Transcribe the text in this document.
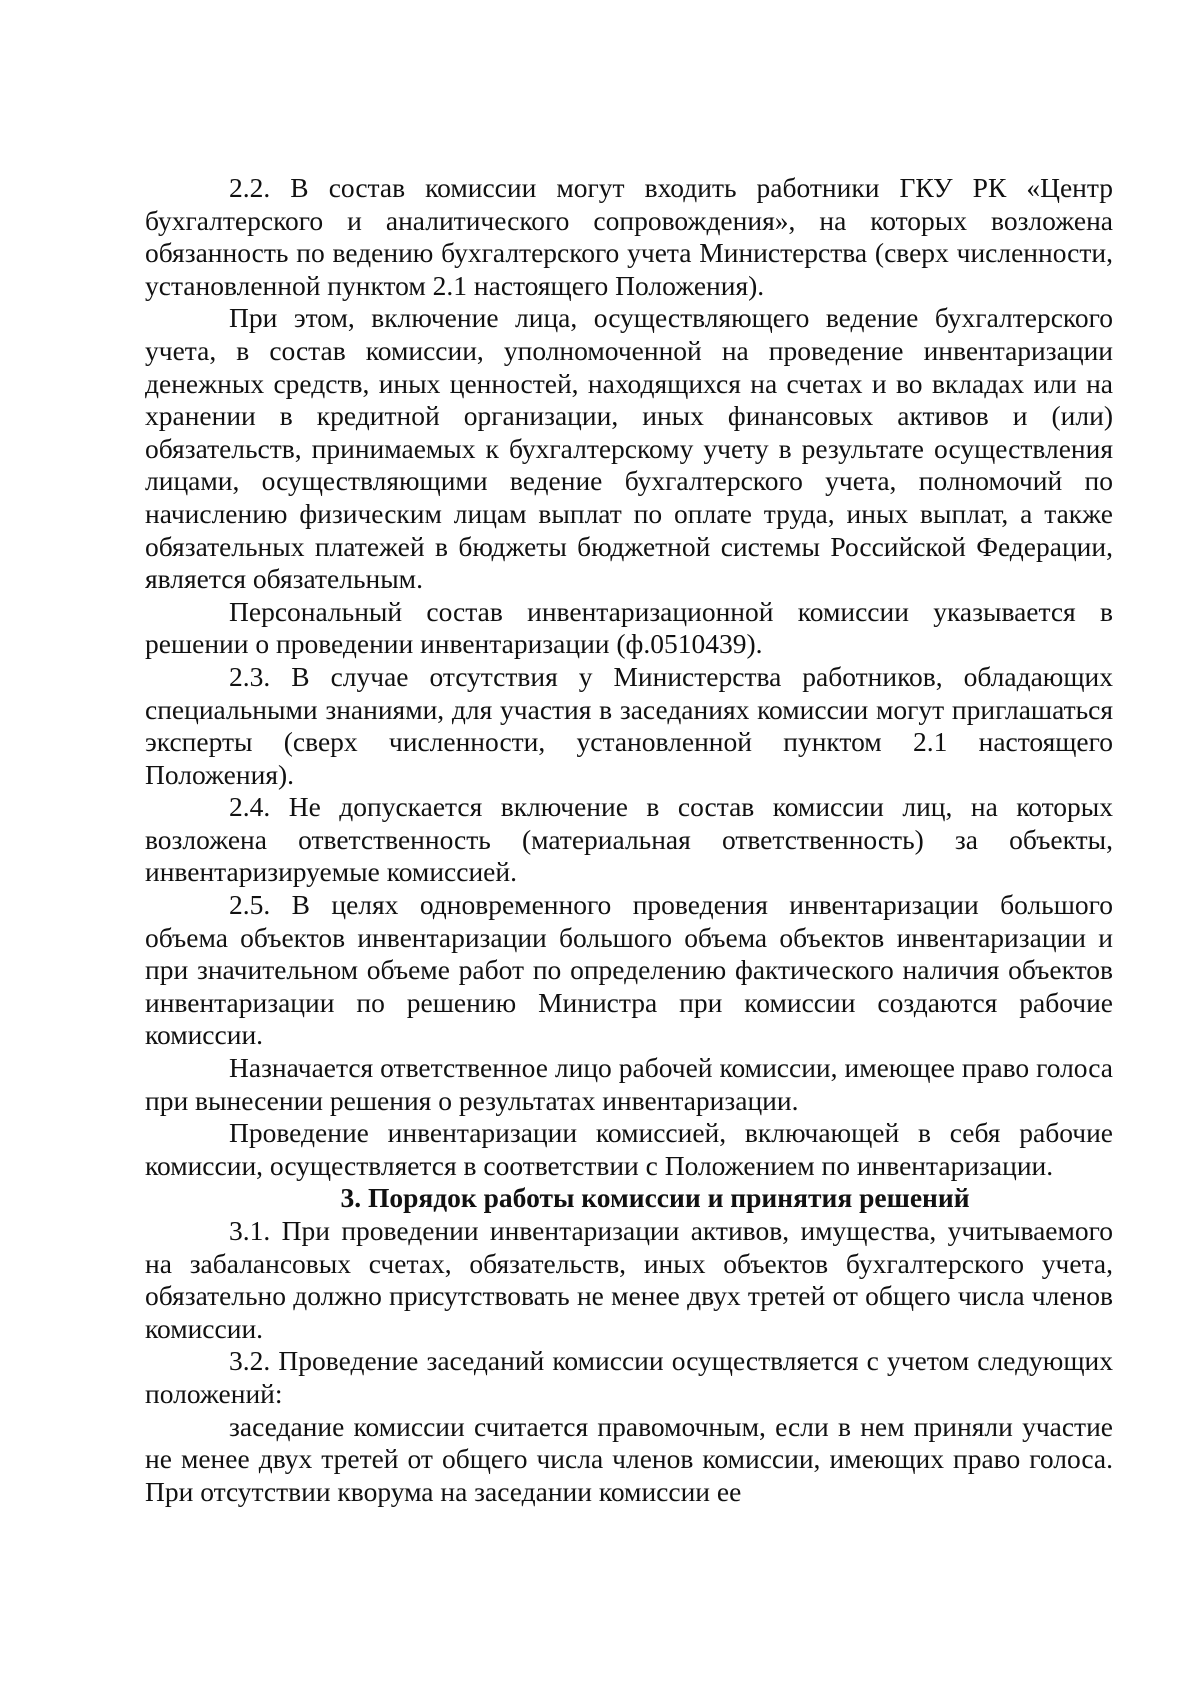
2.2. В состав комиссии могут входить работники ГКУ РК «Центр бухгалтерского и аналитического сопровождения», на которых возложена обязанность по ведению бухгалтерского учета Министерства (сверх численности, установленной пунктом 2.1 настоящего Положения).

При этом, включение лица, осуществляющего ведение бухгалтерского учета, в состав комиссии, уполномоченной на проведение инвентаризации денежных средств, иных ценностей, находящихся на счетах и во вкладах или на хранении в кредитной организации, иных финансовых активов и (или) обязательств, принимаемых к бухгалтерскому учету в результате осуществления лицами, осуществляющими ведение бухгалтерского учета, полномочий по начислению физическим лицам выплат по оплате труда, иных выплат, а также обязательных платежей в бюджеты бюджетной системы Российской Федерации, является обязательным.

Персональный состав инвентаризационной комиссии указывается в решении о проведении инвентаризации (ф.0510439).

2.3. В случае отсутствия у Министерства работников, обладающих специальными знаниями, для участия в заседаниях комиссии могут приглашаться эксперты (сверх численности, установленной пунктом 2.1 настоящего Положения).

2.4. Не допускается включение в состав комиссии лиц, на которых возложена ответственность (материальная ответственность) за объекты, инвентаризируемые комиссией.

2.5. В целях одновременного проведения инвентаризации большого объема объектов инвентаризации большого объема объектов инвентаризации и при значительном объеме работ по определению фактического наличия объектов инвентаризации по решению Министра при комиссии создаются рабочие комиссии.

Назначается ответственное лицо рабочей комиссии, имеющее право голоса при вынесении решения о результатах инвентаризации.

Проведение инвентаризации комиссией, включающей в себя рабочие комиссии, осуществляется в соответствии с Положением по инвентаризации.

3. Порядок работы комиссии и принятия решений

3.1. При проведении инвентаризации активов, имущества, учитываемого на забалансовых счетах, обязательств, иных объектов бухгалтерского учета, обязательно должно присутствовать не менее двух третей от общего числа членов комиссии.

3.2. Проведение заседаний комиссии осуществляется с учетом следующих положений:

заседание комиссии считается правомочным, если в нем приняли участие не менее двух третей от общего числа членов комиссии, имеющих право голоса. При отсутствии кворума на заседании комиссии ее
